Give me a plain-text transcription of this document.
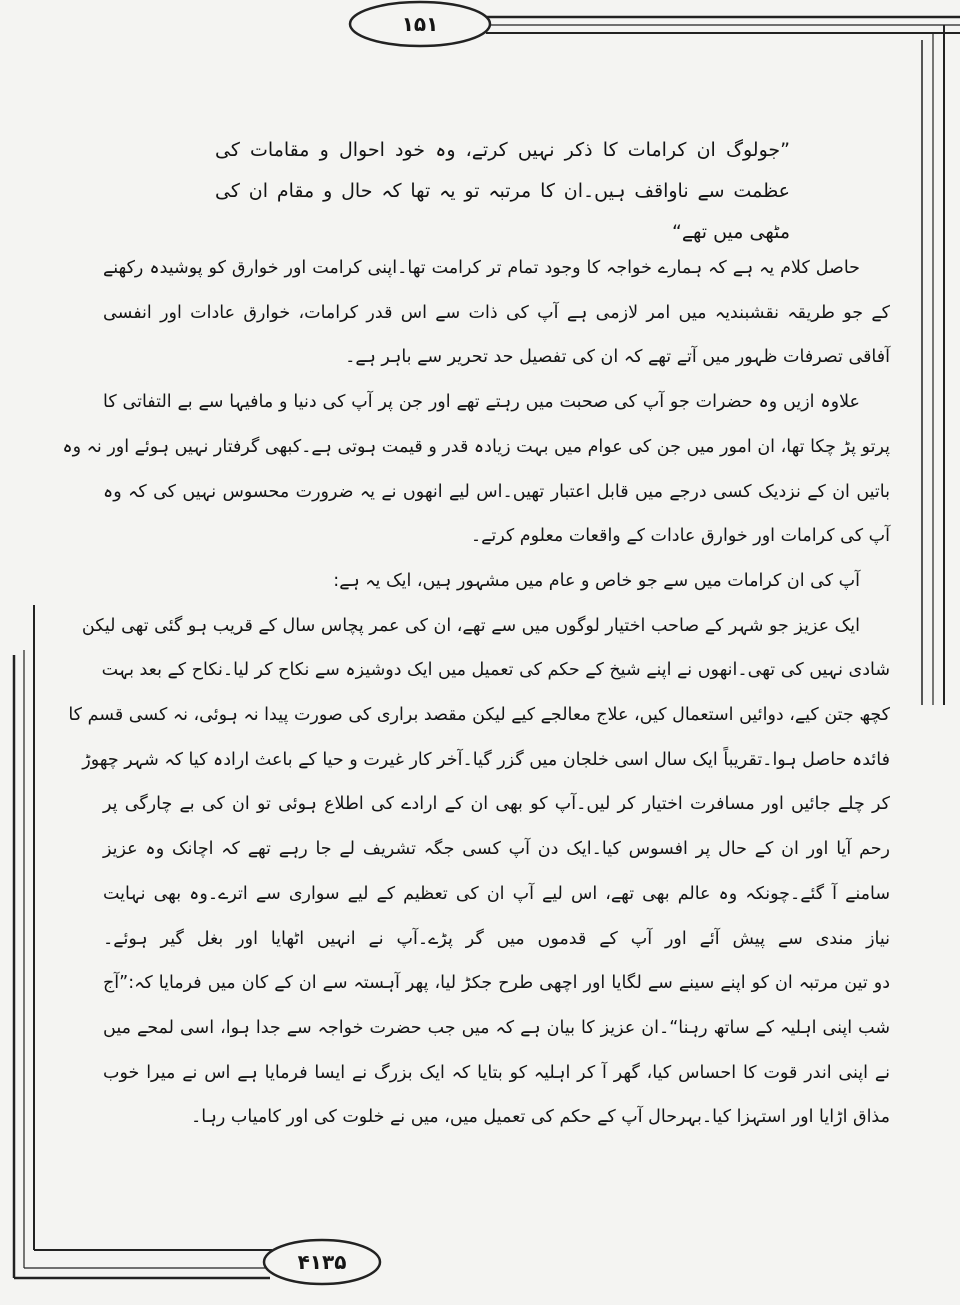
۱۵۱
۴۱۳۵
”جولوگ ان کرامات کا ذکر نہیں کرتے، وہ خود احوال و مقامات کی
عظمت سے ناواقف ہیں۔ان کا مرتبہ تو یہ تھا کہ حال و مقام ان کی
مٹھی میں تھے“
حاصل کلام یہ ہے کہ ہمارے خواجہ کا وجود تمام تر کرامت تھا۔اپنی کرامت اور خوارق کو پوشیدہ رکھنے
کے جو طریقہ نقشبندیہ میں امر لازمی ہے آپ کی ذات سے اس قدر کرامات، خوارق عادات اور انفسی
آفاقی تصرفات ظہور میں آتے تھے کہ ان کی تفصیل حد تحریر سے باہر ہے۔
علاوہ ازیں وہ حضرات جو آپ کی صحبت میں رہتے تھے اور جن پر آپ کی دنیا و مافیہا سے بے التفاتی کا
پرتو پڑ چکا تھا، ان امور میں جن کی عوام میں بہت زیادہ قدر و قیمت ہوتی ہے۔کبھی گرفتار نہیں ہوئے اور نہ وہ
باتیں ان کے نزدیک کسی درجے میں قابل اعتبار تھیں۔اس لیے انھوں نے یہ ضرورت محسوس نہیں کی کہ وہ
آپ کی کرامات اور خوارق عادات کے واقعات معلوم کرتے۔
آپ کی ان کرامات میں سے جو خاص و عام میں مشہور ہیں، ایک یہ ہے:
ایک عزیز جو شہر کے صاحب اختیار لوگوں میں سے تھے، ان کی عمر پچاس سال کے قریب ہو گئی تھی لیکن
شادی نہیں کی تھی۔انھوں نے اپنے شیخ کے حکم کی تعمیل میں ایک دوشیزہ سے نکاح کر لیا۔نکاح کے بعد بہت
کچھ جتن کیے، دوائیں استعمال کیں، علاج معالجے کیے لیکن مقصد براری کی صورت پیدا نہ ہوئی، نہ کسی قسم کا
فائدہ حاصل ہوا۔تقریباً ایک سال اسی خلجان میں گزر گیا۔آخر کار غیرت و حیا کے باعث ارادہ کیا کہ شہر چھوڑ
کر چلے جائیں اور مسافرت اختیار کر لیں۔آپ کو بھی ان کے ارادے کی اطلاع ہوئی تو ان کی بے چارگی پر
رحم آیا اور ان کے حال پر افسوس کیا۔ایک دن آپ کسی جگہ تشریف لے جا رہے تھے کہ اچانک وہ عزیز
سامنے آ گئے۔چونکہ وہ عالم بھی تھے، اس لیے آپ ان کی تعظیم کے لیے سواری سے اترے۔وہ بھی نہایت
نیاز مندی سے پیش آئے اور آپ کے قدموں میں گر پڑے۔آپ نے انہیں اٹھایا اور بغل گیر ہوئے۔
دو تین مرتبہ ان کو اپنے سینے سے لگایا اور اچھی طرح جکڑ لیا، پھر آہستہ سے ان کے کان میں فرمایا کہ:”آج
شب اپنی اہلیہ کے ساتھ رہنا“۔ان عزیز کا بیان ہے کہ میں جب حضرت خواجہ سے جدا ہوا، اسی لمحے میں
نے اپنی اندر قوت کا احساس کیا، گھر آ کر اہلیہ کو بتایا کہ ایک بزرگ نے ایسا فرمایا ہے اس نے میرا خوب
مذاق اڑایا اور استہزا کیا۔بہرحال آپ کے حکم کی تعمیل میں، میں نے خلوت کی اور کامیاب رہا۔
